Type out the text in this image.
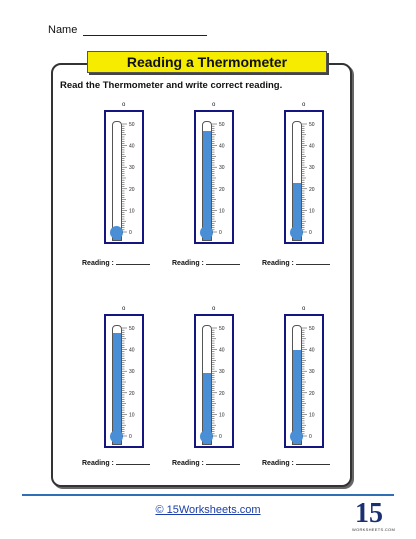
Name
Reading a Thermometer
Read the Thermometer and write correct reading.
o
50
40
30
20
10
0
Reading :
o
50
40
30
20
10
0
Reading :
o
50
40
30
20
10
0
Reading :
o
50
40
30
20
10
0
Reading :
o
50
40
30
20
10
0
Reading :
o
50
40
30
20
10
0
Reading :
© 15Worksheets.com	15
WORKSHEETS.COM
